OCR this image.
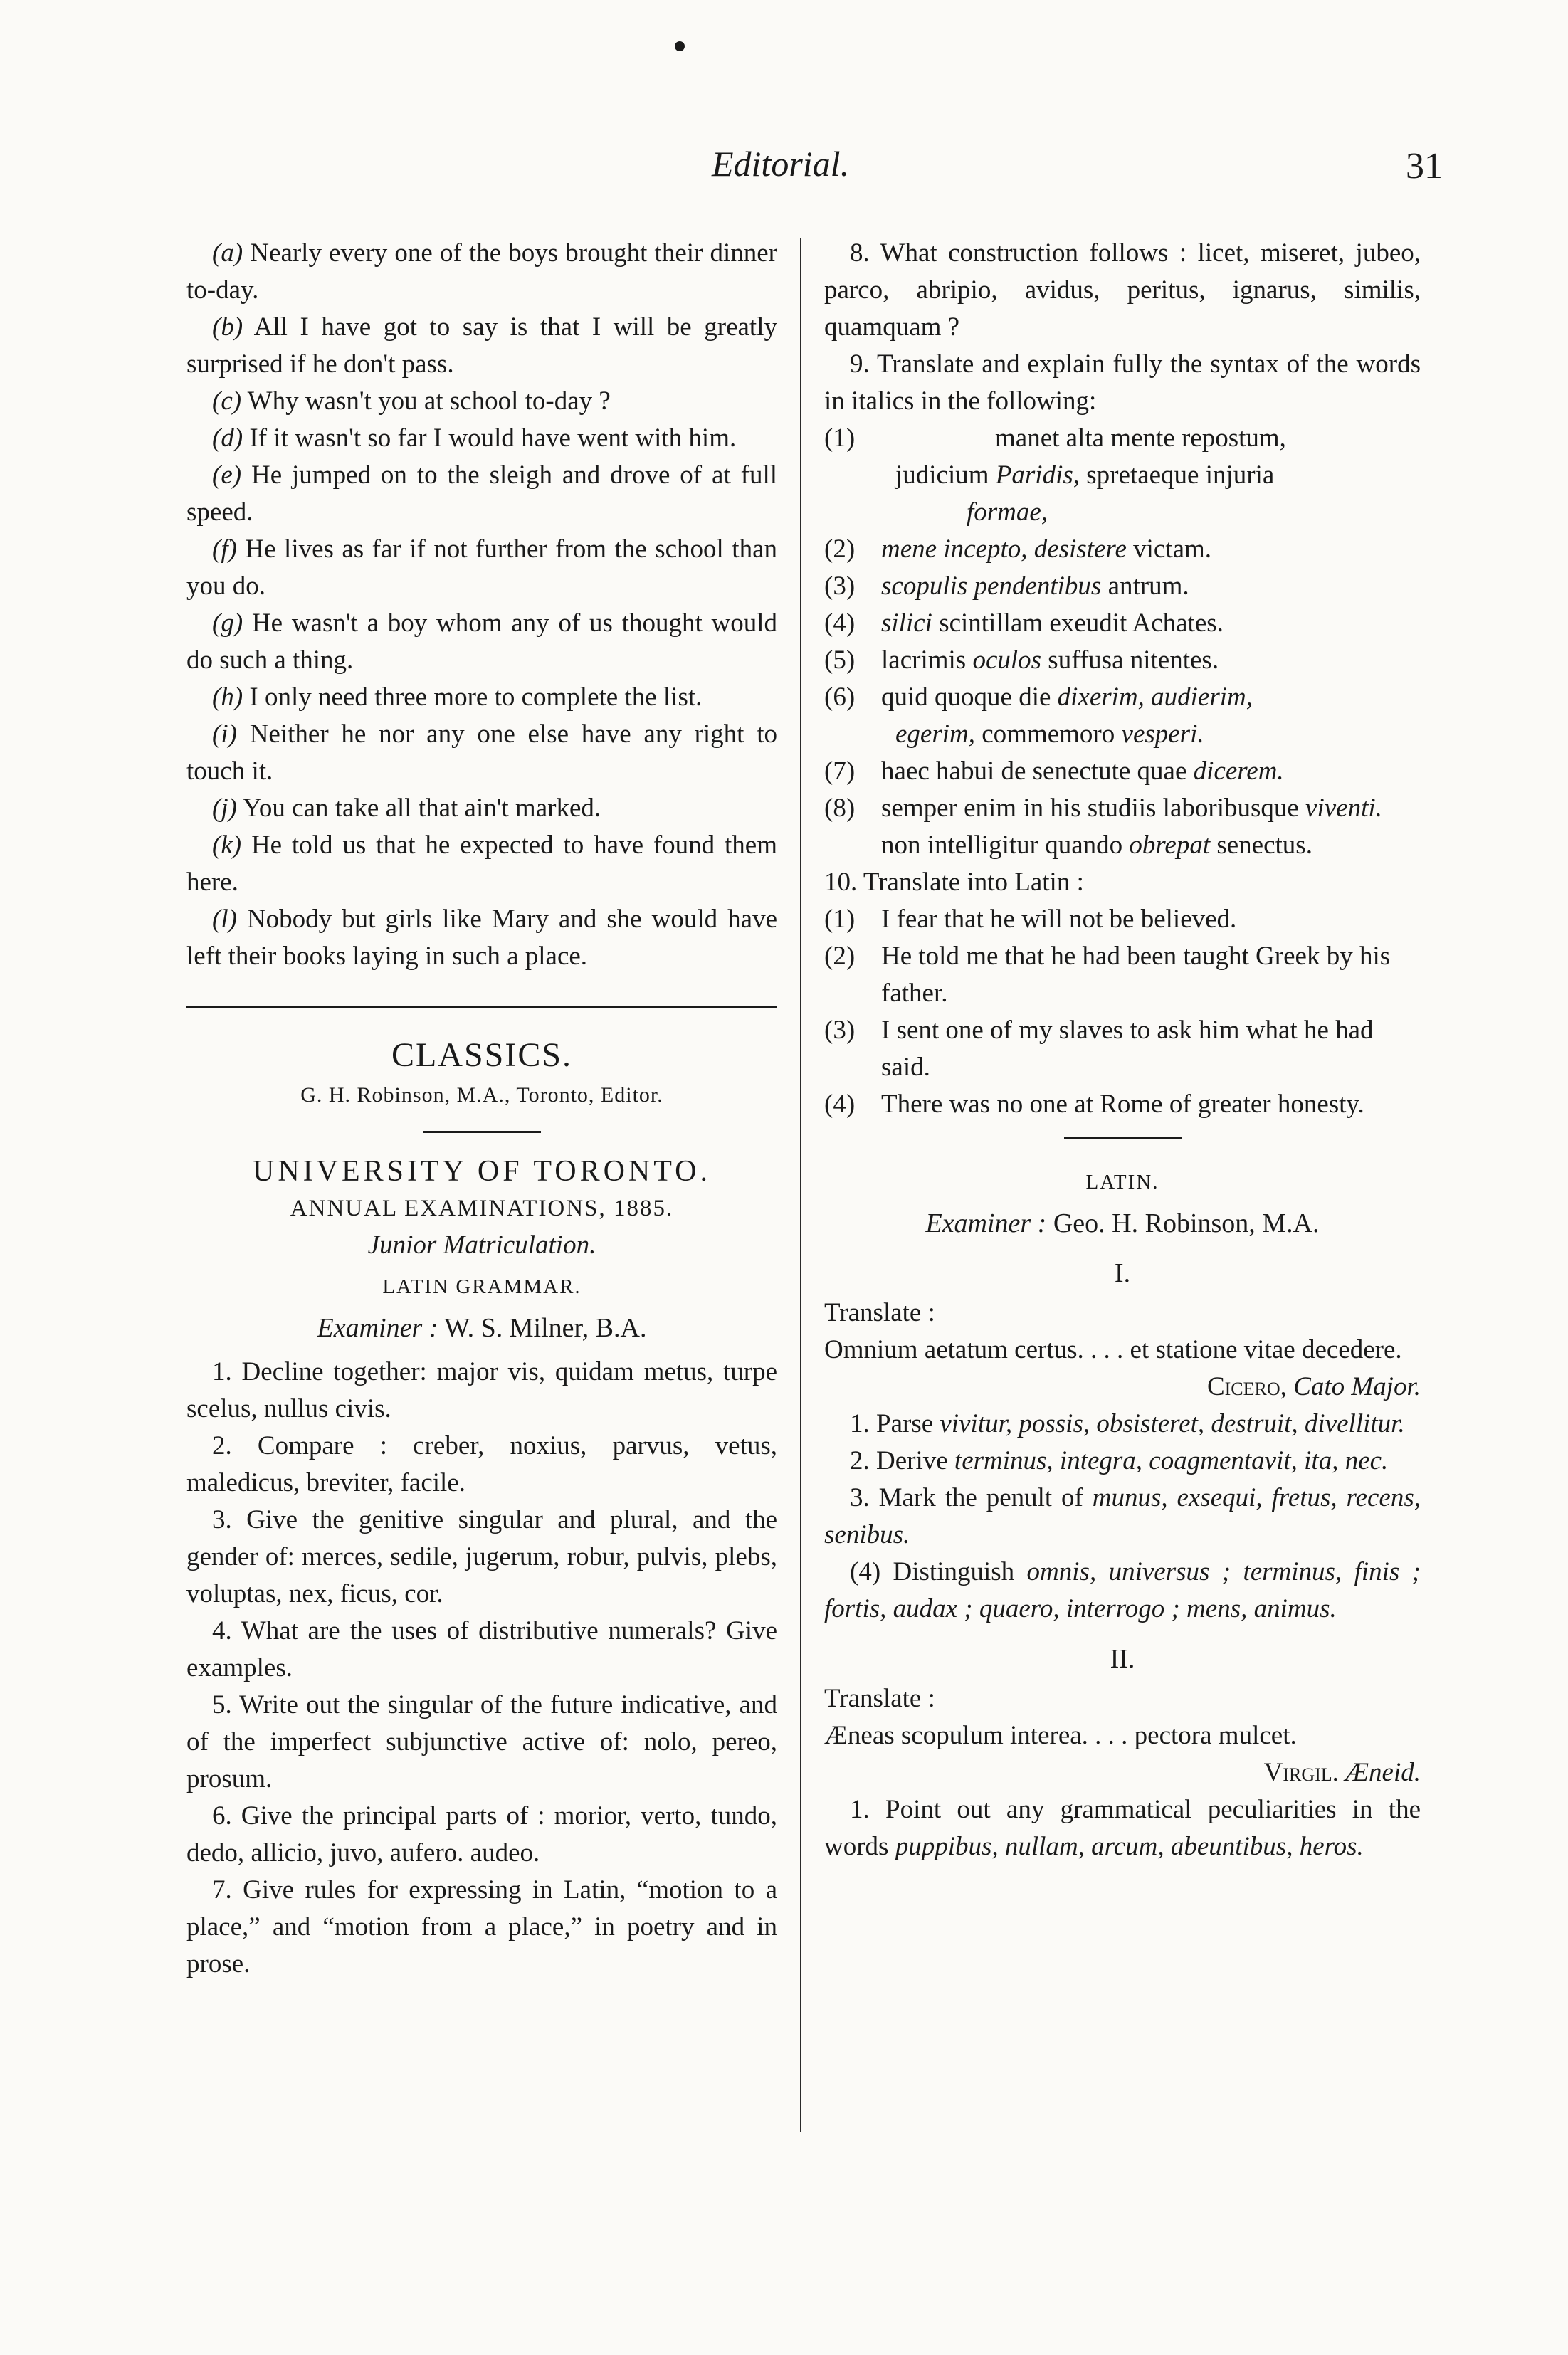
Editorial.	31

(a) Nearly every one of the boys brought their dinner to-day.

(b) All I have got to say is that I will be greatly surprised if he don't pass.

(c) Why wasn't you at school to-day ?

(d) If it wasn't so far I would have went with him.

(e) He jumped on to the sleigh and drove of at full speed.

(f) He lives as far if not further from the school than you do.

(g) He wasn't a boy whom any of us thought would do such a thing.

(h) I only need three more to complete the list.

(i) Neither he nor any one else have any right to touch it.

(j) You can take all that ain't marked.

(k) He told us that he expected to have found them here.

(l) Nobody but girls like Mary and she would have left their books laying in such a place.

CLASSICS.

G. H. Robinson, M.A., Toronto, Editor.

UNIVERSITY OF TORONTO.

ANNUAL EXAMINATIONS, 1885.

Junior Matriculation.

LATIN GRAMMAR.

Examiner : W. S. Milner, B.A.

1. Decline together: major vis, quidam metus, turpe scelus, nullus civis.

2. Compare : creber, noxius, parvus, vetus, maledicus, breviter, facile.

3. Give the genitive singular and plural, and the gender of: merces, sedile, jugerum, robur, pulvis, plebs, voluptas, nex, ficus, cor.

4. What are the uses of distributive numerals? Give examples.

5. Write out the singular of the future indicative, and of the imperfect subjunctive active of: nolo, pereo, prosum.

6. Give the principal parts of : morior, verto, tundo, dedo, allicio, juvo, aufero. audeo.

7. Give rules for expressing in Latin, “motion to a place,” and “motion from a place,” in poetry and in prose.

8. What construction follows : licet, miseret, jubeo, parco, abripio, avidus, peritus, ignarus, similis, quamquam ?

9. Translate and explain fully the syntax of the words in italics in the following:

(1)	manet alta mente repostum,
judicium Paridis, spretaeque injuria
formae,
(2) mene incepto, desistere victam.
(3) scopulis pendentibus antrum.
(4) silici scintillam exeudit Achates.
(5) lacrimis oculos suffusa nitentes.
(6) quid quoque die dixerim, audierim,
egerim, commemoro vesperi.
(7) haec habui de senectute quae dicerem.
(8) semper enim in his studiis laboribusque viventi.
non intelligitur quando obrepat senectus.

10. Translate into Latin :

(1) I fear that he will not be believed.
(2) He told me that he had been taught Greek by his father.
(3) I sent one of my slaves to ask him what he had said.
(4) There was no one at Rome of greater honesty.

LATIN.

Examiner : Geo. H. Robinson, M.A.

I.

Translate :

Omnium aetatum certus. . . . et statione vitae decedere.

Cicero, Cato Major.

1. Parse vivitur, possis, obsisteret, destruit, divellitur.

2. Derive terminus, integra, coagmentavit, ita, nec.

3. Mark the penult of munus, exsequi, fretus, recens, senibus.

(4) Distinguish omnis, universus ; terminus, finis ; fortis, audax ; quaero, interrogo ; mens, animus.

II.

Translate :

Æneas scopulum interea. . . . pectora mulcet.

Virgil. Æneid.

1. Point out any grammatical peculiarities in the words puppibus, nullam, arcum, abeuntibus, heros.
